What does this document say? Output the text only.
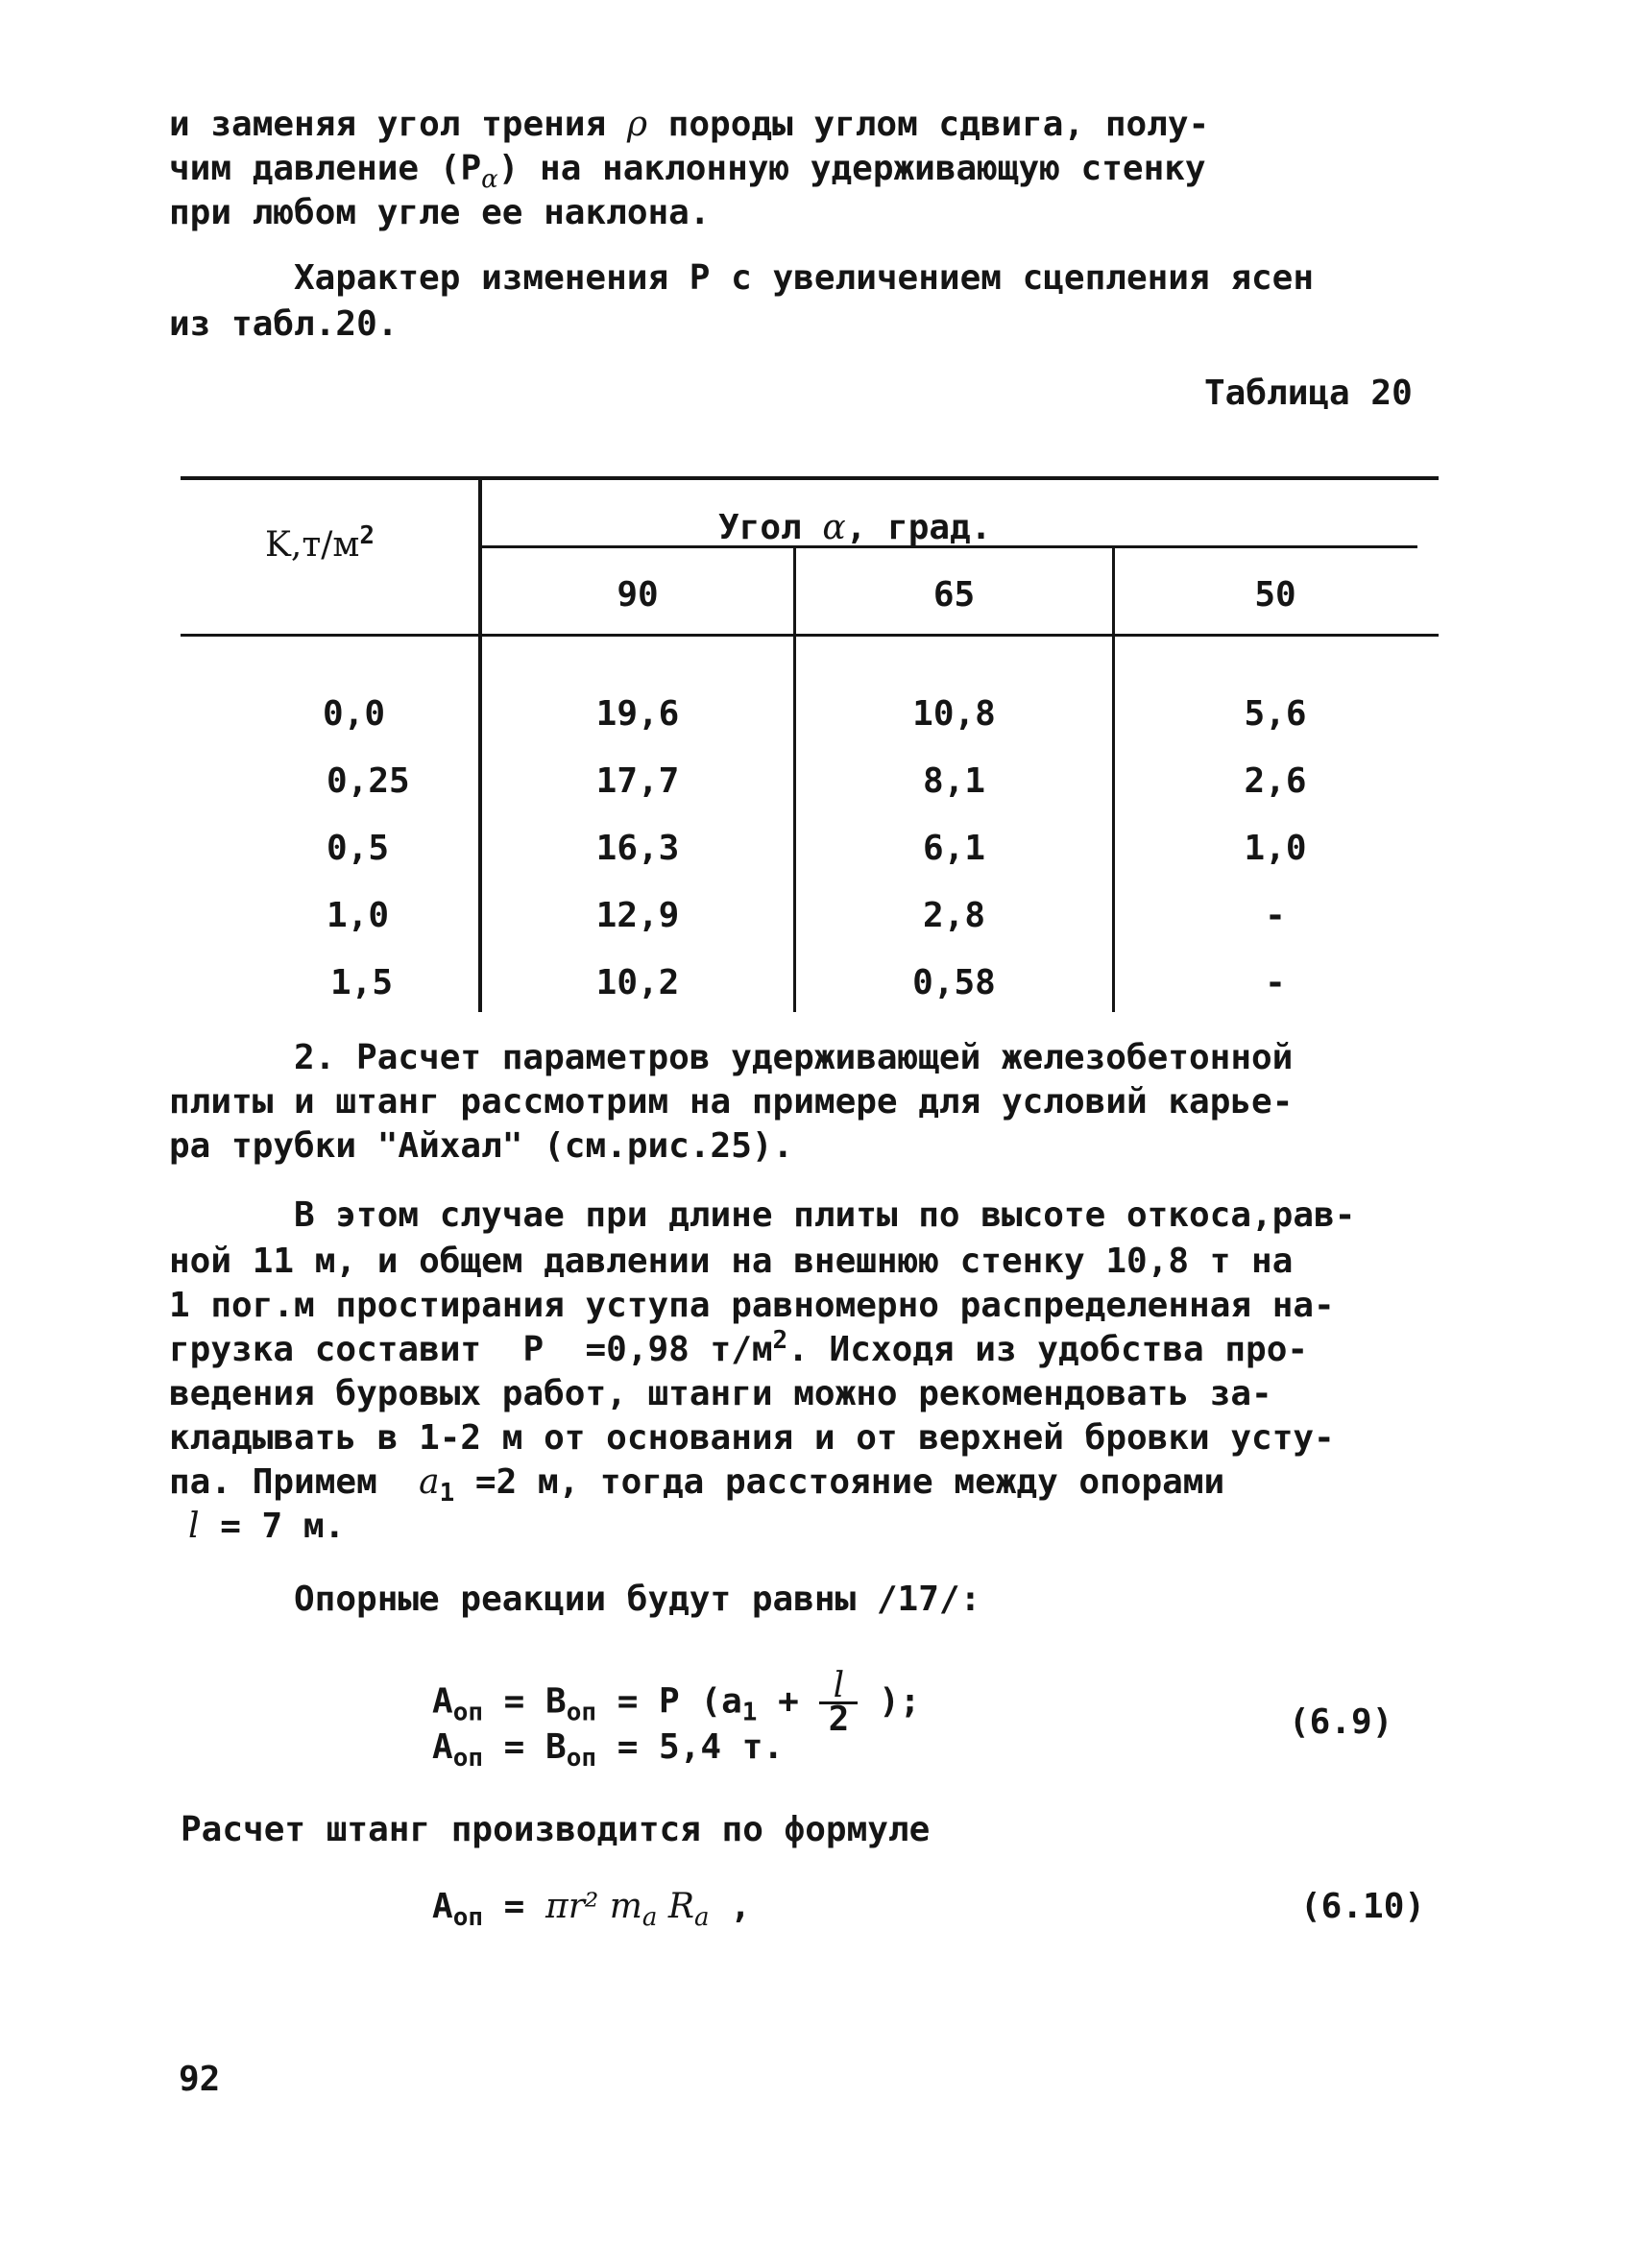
и заменяя угол трения ρ породы углом сдвига, полу-
чим давление $(P_\alpha)$ на наклонную удерживающую стенку
при любом угле ее наклона.
Характер изменения P с увеличением сцепления ясен
из табл.20.
Таблица 20
$K,т/м^2$	Угол α, град.
90	65	50
0,0	19,6	10,8	5,6
0,25	17,7	8,1	2,6
0,5	16,3	6,1	1,0
1,0	12,9	2,8	-
1,5	10,2	0,58	-
2. Расчет параметров удерживающей железобетонной
плиты и штанг рассмотрим на примере для условий карье-
ра трубки "Айхал" (см.рис.25).
В этом случае при длине плиты по высоте откоса,рав-
ной 11 м, и общем давлении на внешнюю стенку 10,8 т на
1 пог.м простирания уступа равномерно распределенная на-
грузка составит  P  =0,98 $т/м^2$. Исходя из удобства про-
ведения буровых работ, штанги можно рекомендовать за-
кладывать в 1-2 м от основания и от верхней бровки усту-
па. Примем  $a_1 =2$ м, тогда расстояние между опорами
l = 7 м.
Опорные реакции будут равны /17/:
$A_{оп} = B_{оп} = P$ ($a_1 + \frac{l}{2}$ );
$A_{оп} = B_{оп} = 5,4$ т.
(6.9)
Расчет штанг производится по формуле
$A_{оп} = \pi r^2$ $m_a$ $R_a$ ,	(6.10)
92
